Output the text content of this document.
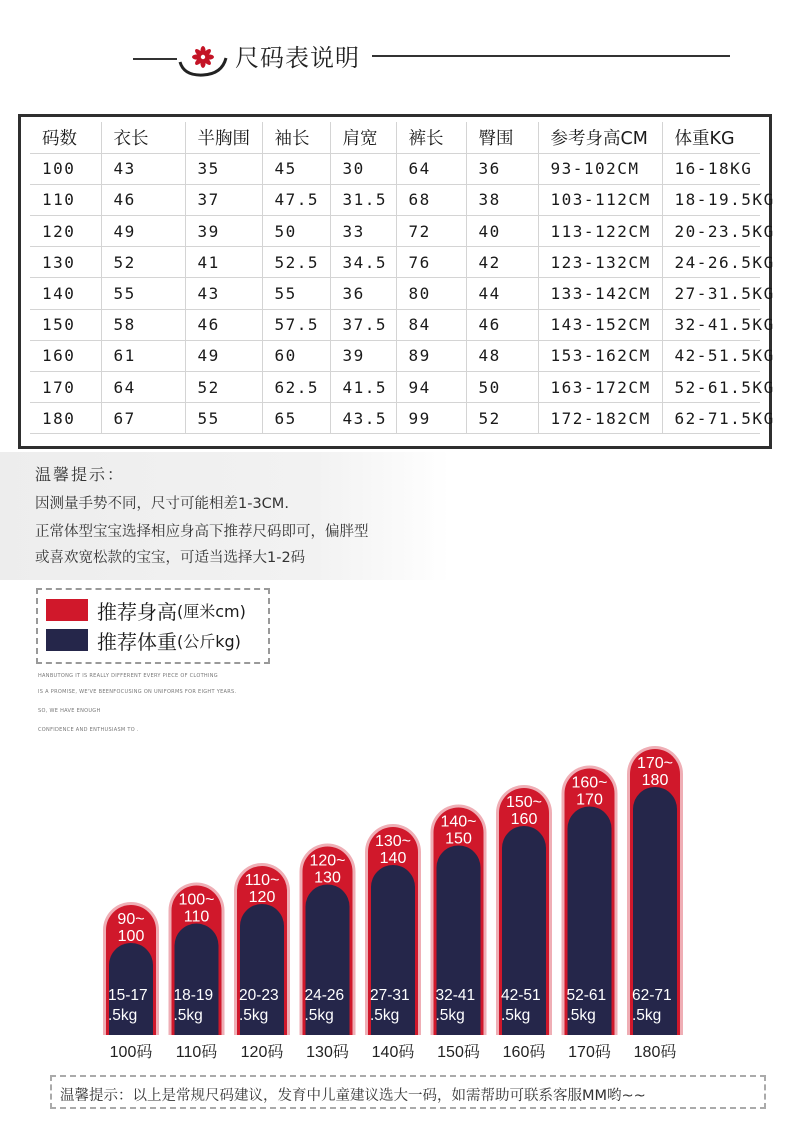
尺码表说明
码数	衣长	半胸围	袖长	肩宽	裤长	臀围	参考身高CM	体重KG
100	43	35	45	30	64	36	93-102CM	16-18KG
110	46	37	47.5	31.5	68	38	103-112CM	18-19.5KG
120	49	39	50	33	72	40	113-122CM	20-23.5KG
130	52	41	52.5	34.5	76	42	123-132CM	24-26.5KG
140	55	43	55	36	80	44	133-142CM	27-31.5KG
150	58	46	57.5	37.5	84	46	143-152CM	32-41.5KG
160	61	49	60	39	89	48	153-162CM	42-51.5KG
170	64	52	62.5	41.5	94	50	163-172CM	52-61.5KG
180	67	55	65	43.5	99	52	172-182CM	62-71.5KG
温馨提示：
因测量手势不同，尺寸可能相差1-3CM.
正常体型宝宝选择相应身高下推荐尺码即可，偏胖型
或喜欢宽松款的宝宝，可适当选择大1-2码
推荐身高 (厘米cm)
推荐体重 (公斤kg)
HANBUTONG IT IS REALLY DIFFERENT EVERY PIECE OF CLOTHING
IS A PROMISE, WE'VE BEENFOCUSING ON UNIFORMS FOR EIGHT YEARS.
SO, WE HAVE ENOUGH
CONFIDENCE AND ENTHUSIASM TO .
90~
100
15-17
.5kg
100码
100~
110
18-19
.5kg
110码
110~
120
20-23
.5kg
120码
120~
130
24-26
.5kg
130码
130~
140
27-31
.5kg
140码
140~
150
32-41
.5kg
150码
150~
160
42-51
.5kg
160码
160~
170
52-61
.5kg
170码
170~
180
62-71
.5kg
180码
温馨提示：以上是常规尺码建议，发育中儿童建议选大一码，如需帮助可联系客服MM哟~~
